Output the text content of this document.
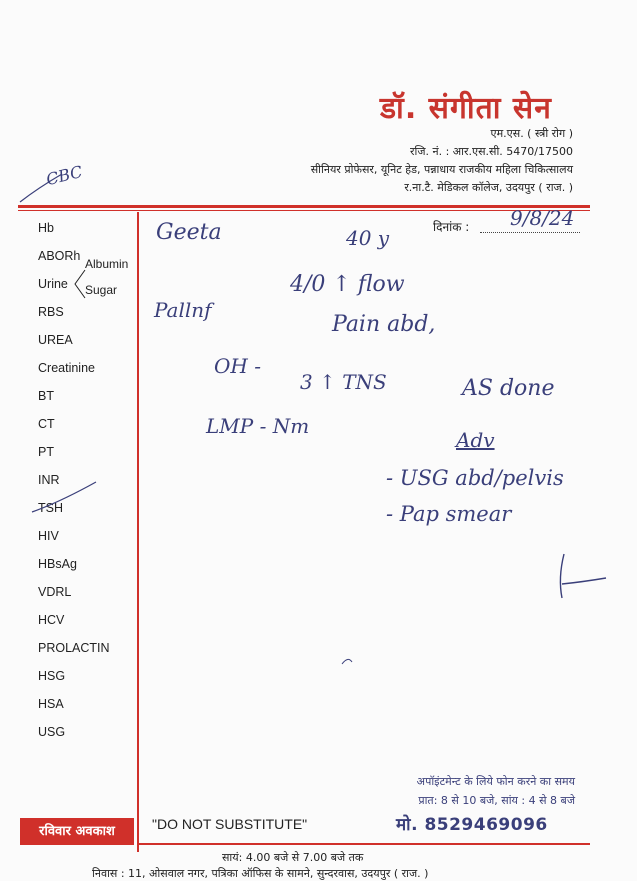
डॉ. संगीता सेन
एम.एस. ( स्त्री रोग )
रजि. नं. : आर.एस.सी. 5470/17500
सीनियर प्रोफेसर, यूनिट हेड, पन्नाधाय राजकीय महिला चिकित्सालय
र.ना.टै. मेडिकल कॉलेज, उदयपुर ( राज. )
CBC
Hb
ABORh
Urine
Albumin
Sugar
RBS
UREA
Creatinine
BT
CT
PT
INR
TSH
HIV
HBsAg
VDRL
HCV
PROLACTIN
HSG
HSA
USG
दिनांक : 9/8/24
Geeta	40 y
4/0 ↑ flow
Pallnf
Pain abd,
OH -
3 ↑ TNS	AS done
LMP - Nm
Adv
- USG abd/pelvis
- Pap smear
अपॉइंटमेन्ट के लिये फोन करने का समय
प्रात: 8 से 10 बजे, सांय : 4 से 8 बजे
मो. 8529469096
रविवार अवकाश	"DO NOT SUBSTITUTE"
सायं: 4.00 बजे से 7.00 बजे तक
निवास : 11, ओसवाल नगर, पत्रिका ऑफिस के सामने, सुन्दरवास, उदयपुर ( राज. )
